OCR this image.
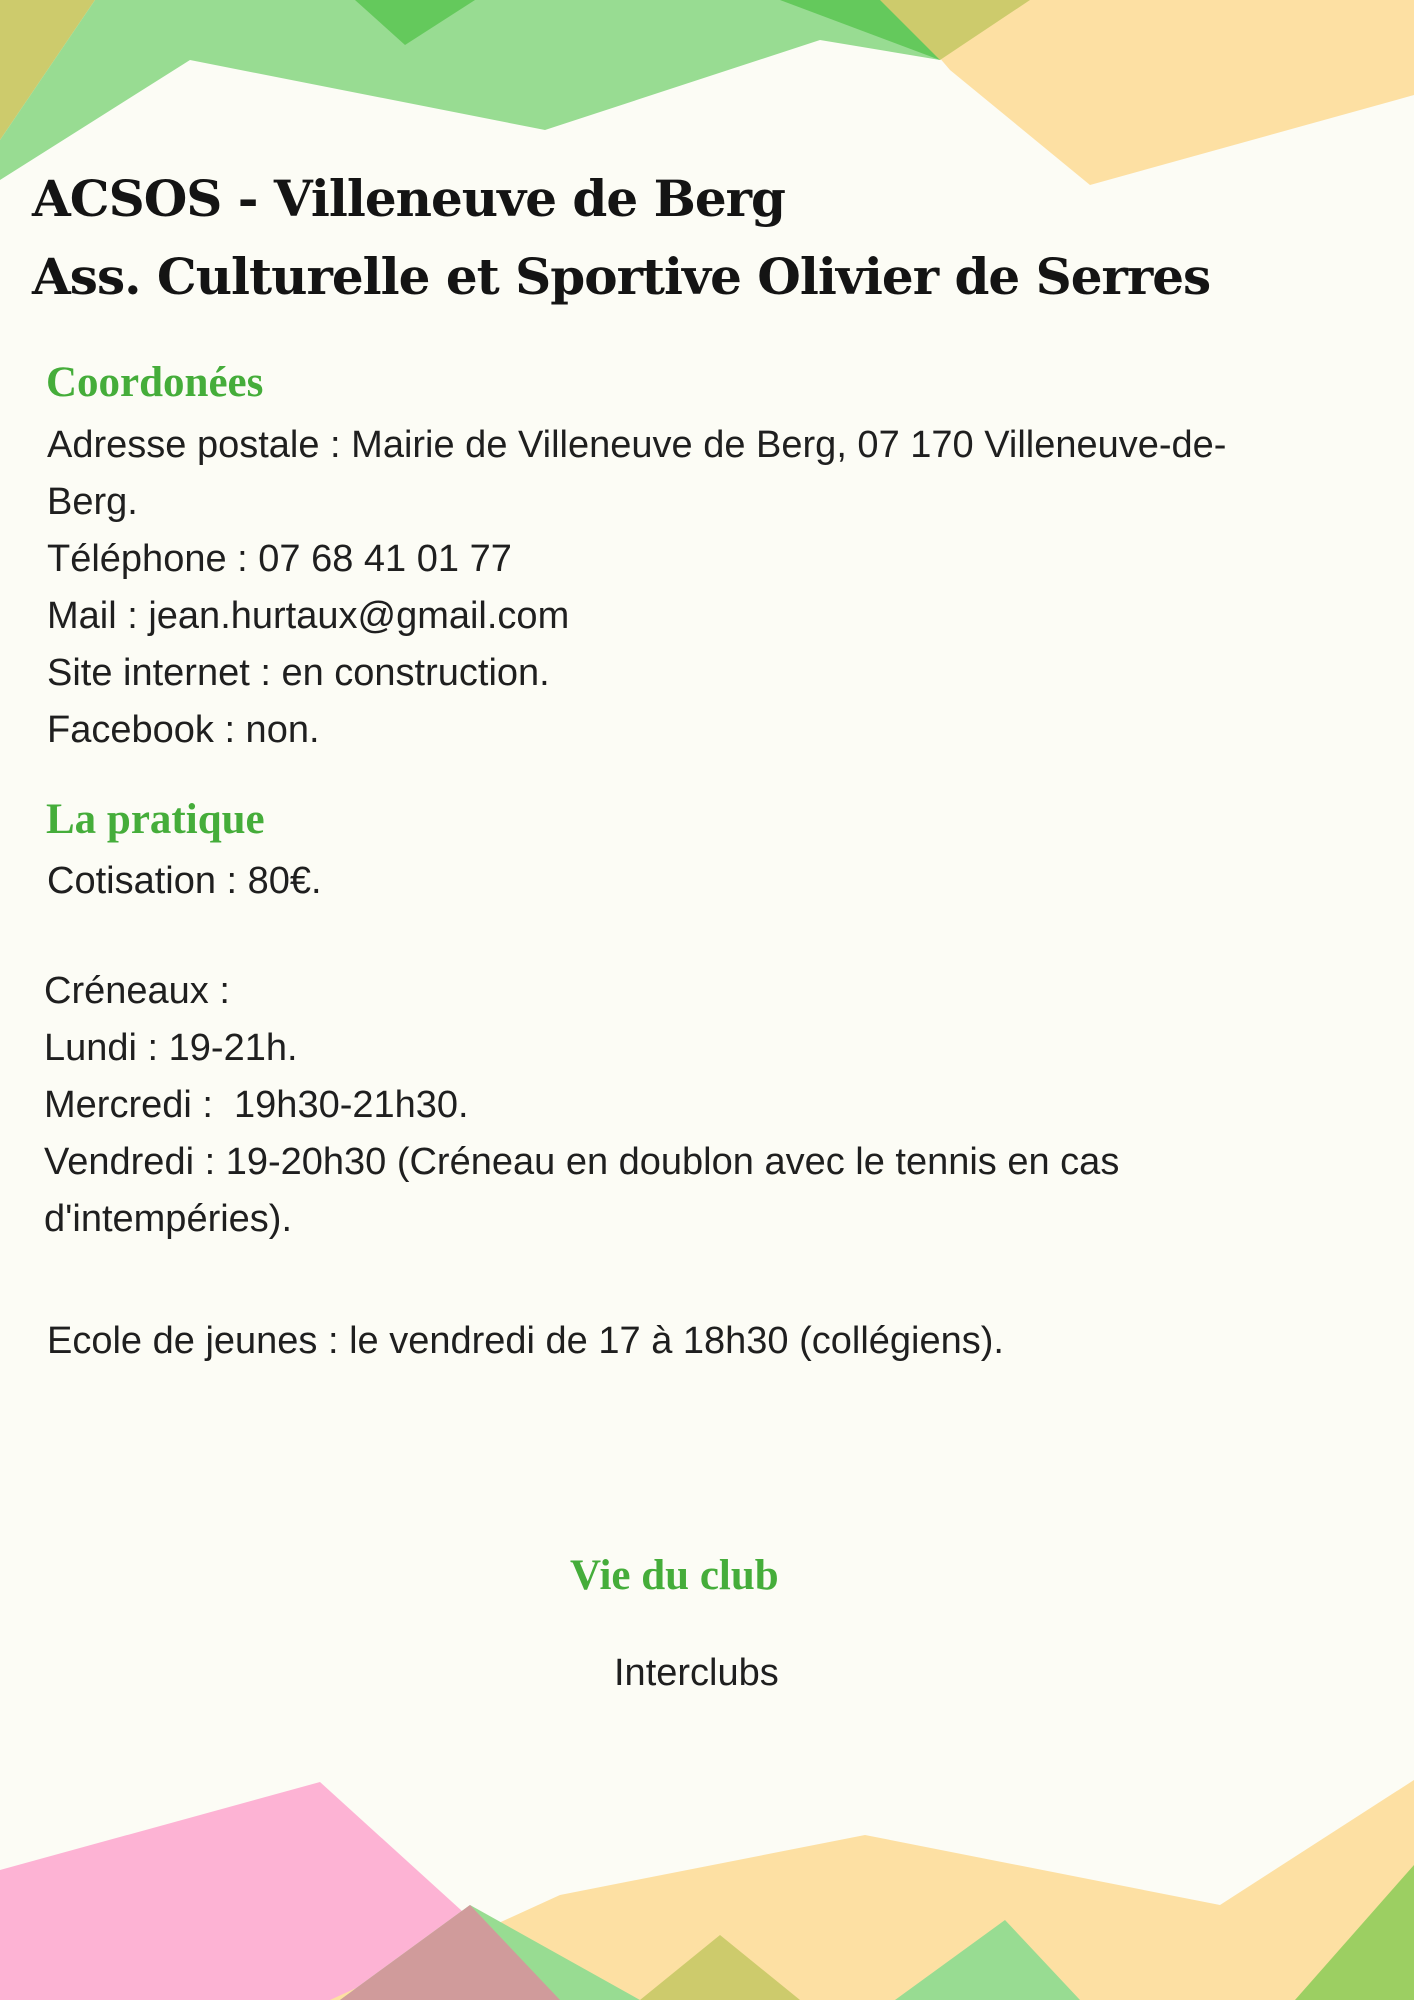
ACSOS - Villeneuve de Berg
Ass. Culturelle et Sportive Olivier de Serres
Coordonées
Adresse postale : Mairie de Villeneuve de Berg, 07 170 Villeneuve-de-Berg.
Téléphone : 07 68 41 01 77
Mail : jean.hurtaux@gmail.com
Site internet : en construction.
Facebook : non.
La pratique
Cotisation : 80€.
Créneaux :
Lundi : 19-21h.
Mercredi :  19h30-21h30.
Vendredi : 19-20h30 (Créneau en doublon avec le tennis en cas d'intempéries).
Ecole de jeunes : le vendredi de 17 à 18h30 (collégiens).
Vie du club
Interclubs
